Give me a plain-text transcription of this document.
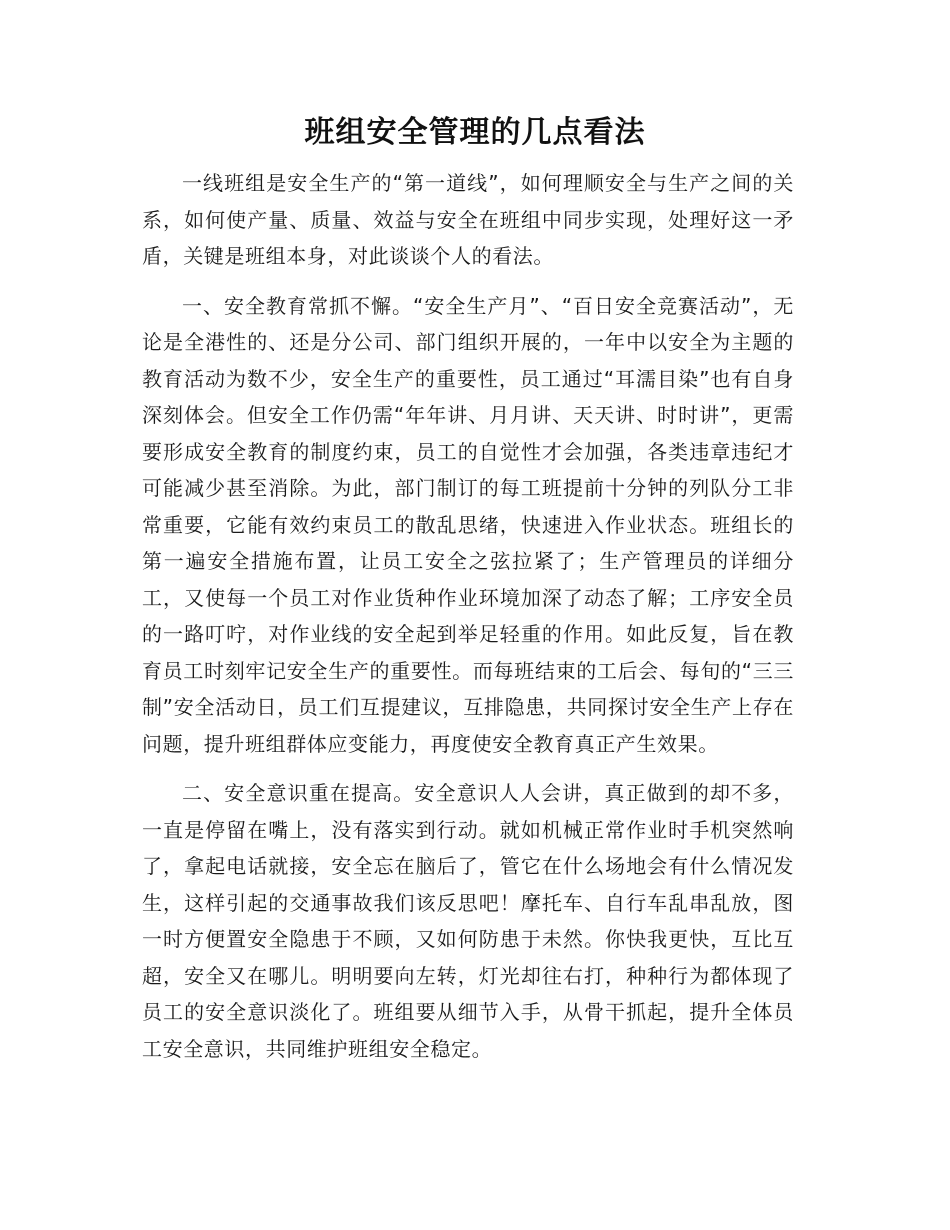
班组安全管理的几点看法

一线班组是安全生产的“第一道线”，如何理顺安全与生产之间的关系，如何使产量、质量、效益与安全在班组中同步实现，处理好这一矛盾，关键是班组本身，对此谈谈个人的看法。

一、安全教育常抓不懈。“安全生产月”、“百日安全竞赛活动”，无论是全港性的、还是分公司、部门组织开展的，一年中以安全为主题的教育活动为数不少，安全生产的重要性，员工通过“耳濡目染”也有自身深刻体会。但安全工作仍需“年年讲、月月讲、天天讲、时时讲”，更需要形成安全教育的制度约束，员工的自觉性才会加强，各类违章违纪才可能减少甚至消除。为此，部门制订的每工班提前十分钟的列队分工非常重要，它能有效约束员工的散乱思绪，快速进入作业状态。班组长的第一遍安全措施布置，让员工安全之弦拉紧了；生产管理员的详细分工，又使每一个员工对作业货种作业环境加深了动态了解；工序安全员的一路叮咛，对作业线的安全起到举足轻重的作用。如此反复，旨在教育员工时刻牢记安全生产的重要性。而每班结束的工后会、每旬的“三三制”安全活动日，员工们互提建议，互排隐患，共同探讨安全生产上存在问题，提升班组群体应变能力，再度使安全教育真正产生效果。

二、安全意识重在提高。安全意识人人会讲，真正做到的却不多，一直是停留在嘴上，没有落实到行动。就如机械正常作业时手机突然响了，拿起电话就接，安全忘在脑后了，管它在什么场地会有什么情况发生，这样引起的交通事故我们该反思吧！摩托车、自行车乱串乱放，图一时方便置安全隐患于不顾，又如何防患于未然。你快我更快，互比互超，安全又在哪儿。明明要向左转，灯光却往右打，种种行为都体现了员工的安全意识淡化了。班组要从细节入手，从骨干抓起，提升全体员工安全意识，共同维护班组安全稳定。
